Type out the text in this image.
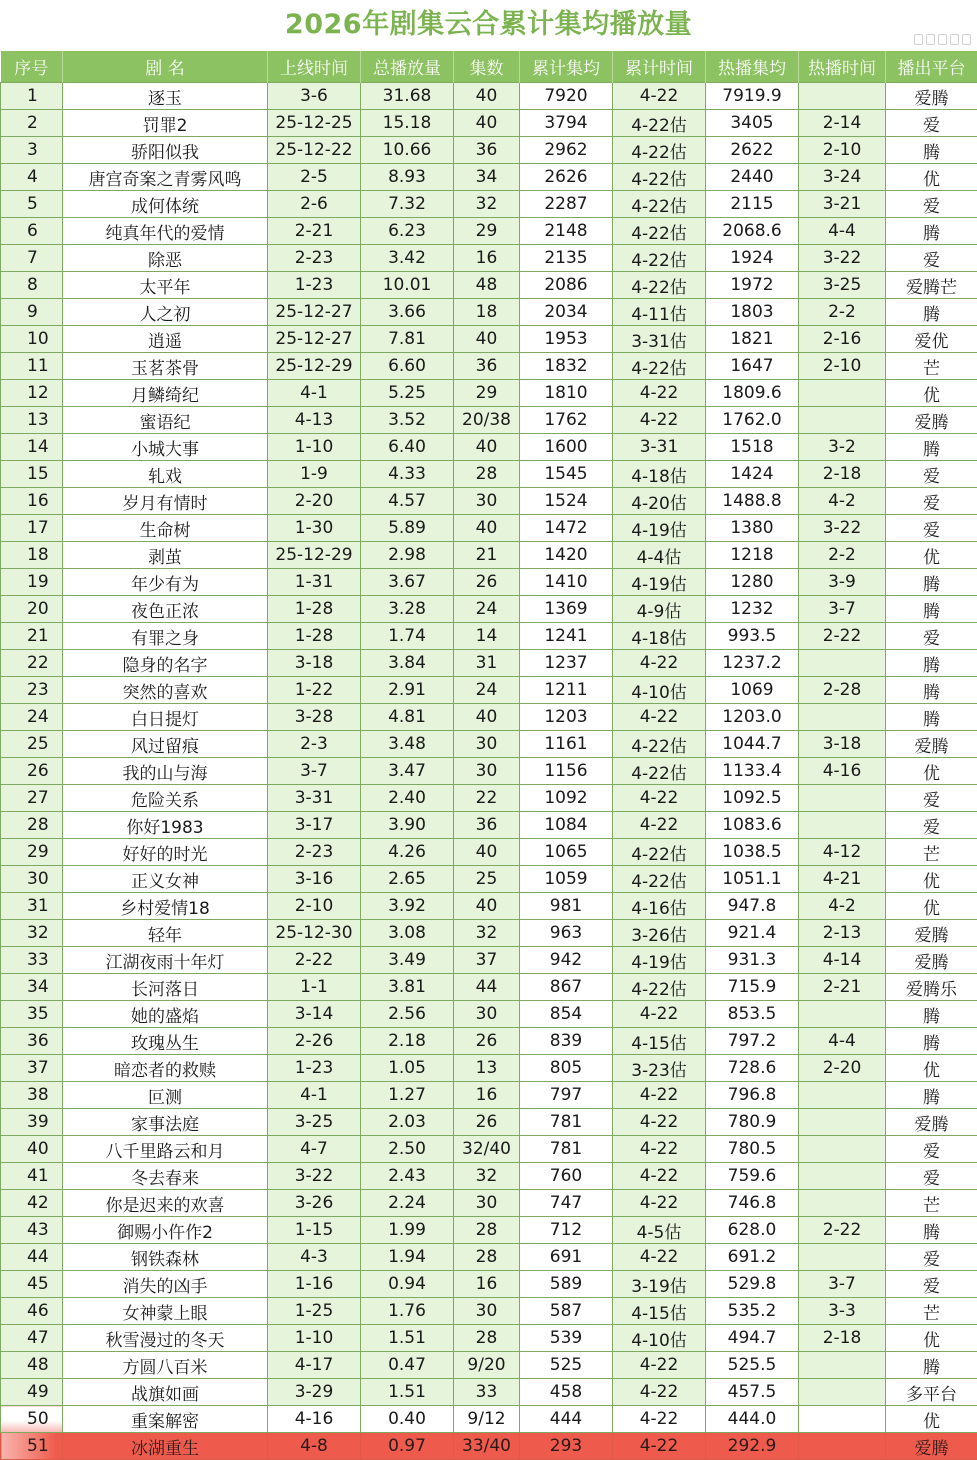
2026年剧集云合累计集均播放量
序号	剧 名	上线时间	总播放量	集数	累计集均	累计时间	热播集均	热播时间	播出平台
1	逐玉	3-6	31.68	40	7920	4-22	7919.9		爱腾
2	罚罪2	25-12-25	15.18	40	3794	4-22估	3405	2-14	爱
3	骄阳似我	25-12-22	10.66	36	2962	4-22估	2622	2-10	腾
4	唐宫奇案之青雾风鸣	2-5	8.93	34	2626	4-22估	2440	3-24	优
5	成何体统	2-6	7.32	32	2287	4-22估	2115	3-21	爱
6	纯真年代的爱情	2-21	6.23	29	2148	4-22估	2068.6	4-4	腾
7	除恶	2-23	3.42	16	2135	4-22估	1924	3-22	爱
8	太平年	1-23	10.01	48	2086	4-22估	1972	3-25	爱腾芒
9	人之初	25-12-27	3.66	18	2034	4-11估	1803	2-2	腾
10	逍遥	25-12-27	7.81	40	1953	3-31估	1821	2-16	爱优
11	玉茗茶骨	25-12-29	6.60	36	1832	4-22估	1647	2-10	芒
12	月鳞绮纪	4-1	5.25	29	1810	4-22	1809.6		优
13	蜜语纪	4-13	3.52	20/38	1762	4-22	1762.0		爱腾
14	小城大事	1-10	6.40	40	1600	3-31	1518	3-2	腾
15	轧戏	1-9	4.33	28	1545	4-18估	1424	2-18	爱
16	岁月有情时	2-20	4.57	30	1524	4-20估	1488.8	4-2	爱
17	生命树	1-30	5.89	40	1472	4-19估	1380	3-22	爱
18	剥茧	25-12-29	2.98	21	1420	4-4估	1218	2-2	优
19	年少有为	1-31	3.67	26	1410	4-19估	1280	3-9	腾
20	夜色正浓	1-28	3.28	24	1369	4-9估	1232	3-7	腾
21	有罪之身	1-28	1.74	14	1241	4-18估	993.5	2-22	爱
22	隐身的名字	3-18	3.84	31	1237	4-22	1237.2		腾
23	突然的喜欢	1-22	2.91	24	1211	4-10估	1069	2-28	腾
24	白日提灯	3-28	4.81	40	1203	4-22	1203.0		腾
25	风过留痕	2-3	3.48	30	1161	4-22估	1044.7	3-18	爱腾
26	我的山与海	3-7	3.47	30	1156	4-22估	1133.4	4-16	优
27	危险关系	3-31	2.40	22	1092	4-22	1092.5		爱
28	你好1983	3-17	3.90	36	1084	4-22	1083.6		爱
29	好好的时光	2-23	4.26	40	1065	4-22估	1038.5	4-12	芒
30	正义女神	3-16	2.65	25	1059	4-22估	1051.1	4-21	优
31	乡村爱情18	2-10	3.92	40	981	4-16估	947.8	4-2	优
32	轻年	25-12-30	3.08	32	963	3-26估	921.4	2-13	爱腾
33	江湖夜雨十年灯	2-22	3.49	37	942	4-19估	931.3	4-14	爱腾
34	长河落日	1-1	3.81	44	867	4-22估	715.9	2-21	爱腾乐
35	她的盛焰	3-14	2.56	30	854	4-22	853.5		腾
36	玫瑰丛生	2-26	2.18	26	839	4-15估	797.2	4-4	腾
37	暗恋者的救赎	1-23	1.05	13	805	3-23估	728.6	2-20	优
38	叵测	4-1	1.27	16	797	4-22	796.8		腾
39	家事法庭	3-25	2.03	26	781	4-22	780.9		爱腾
40	八千里路云和月	4-7	2.50	32/40	781	4-22	780.5		爱
41	冬去春来	3-22	2.43	32	760	4-22	759.6		爱
42	你是迟来的欢喜	3-26	2.24	30	747	4-22	746.8		芒
43	御赐小仵作2	1-15	1.99	28	712	4-5估	628.0	2-22	腾
44	钢铁森林	4-3	1.94	28	691	4-22	691.2		爱
45	消失的凶手	1-16	0.94	16	589	3-19估	529.8	3-7	爱
46	女神蒙上眼	1-25	1.76	30	587	4-15估	535.2	3-3	芒
47	秋雪漫过的冬天	1-10	1.51	28	539	4-10估	494.7	2-18	优
48	方圆八百米	4-17	0.47	9/20	525	4-22	525.5		腾
49	战旗如画	3-29	1.51	33	458	4-22	457.5		多平台
50	重案解密	4-16	0.40	9/12	444	4-22	444.0		优
51	冰湖重生	4-8	0.97	33/40	293	4-22	292.9		爱腾
